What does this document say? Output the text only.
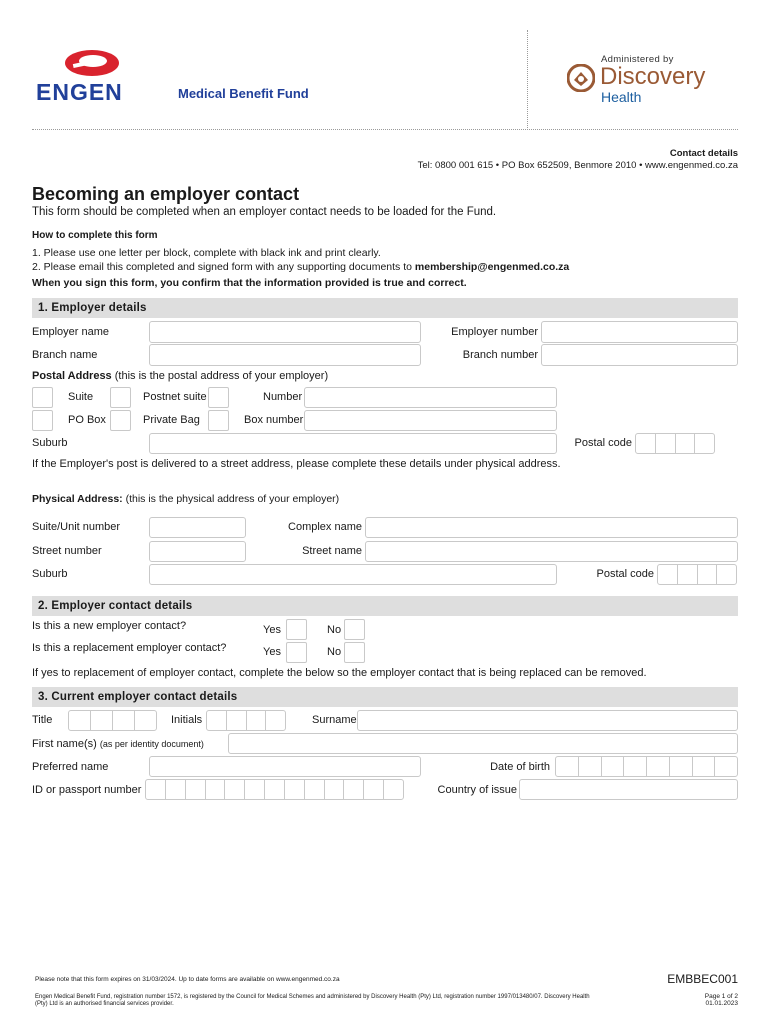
ENGEN	Medical Benefit Fund
Administered by
Discovery
Health
Contact details
Tel: 0800 001 615 • PO Box 652509, Benmore 2010 • www.engenmed.co.za
Becoming an employer contact
This form should be completed when an employer contact needs to be loaded for the Fund.
How to complete this form
1. Please use one letter per block, complete with black ink and print clearly.
2. Please email this completed and signed form with any supporting documents to membership@engenmed.co.za
When you sign this form, you confirm that the information provided is true and correct.
1. Employer details
Employer name	Employer number
Branch name	Branch number
Postal Address (this is the postal address of your employer)
Suite	Postnet suite	Number
PO Box	Private Bag	Box number
Suburb	Postal code
If the Employer's post is delivered to a street address, please complete these details under physical address.
Physical Address: (this is the physical address of your employer)
Suite/Unit number	Complex name
Street number	Street name
Suburb	Postal code
2. Employer contact details
Is this a new employer contact?	Yes	No
Is this a replacement employer contact?	Yes	No
If yes to replacement of employer contact, complete the below so the employer contact that is being replaced can be removed.
3. Current employer contact details
Title	Initials	Surname
First name(s) (as per identity document)
Preferred name	Date of birth
ID or passport number	Country of issue
Please note that this form expires on 31/03/2024. Up to date forms are available on www.engenmed.co.za	EMBBEC001
Engen Medical Benefit Fund, registration number 1572, is registered by the Council for Medical Schemes and administered by Discovery Health (Pty) Ltd, registration number 1997/013480/07. Discovery Health
(Pty) Ltd is an authorised financial services provider.
Page 1 of 2
01.01.2023
